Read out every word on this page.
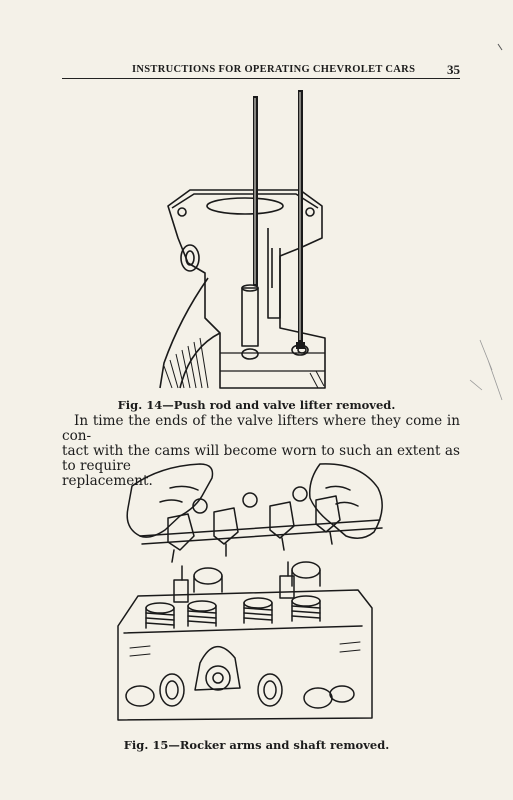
INSTRUCTIONS FOR OPERATING CHEVROLET CARS 35
Fig. 14—Push rod and valve lifter removed.
In time the ends of the valve lifters where they come in con-
tact with the cams will become worn to such an extent as to require
replacement.
Fig. 15—Rocker arms and shaft removed.
